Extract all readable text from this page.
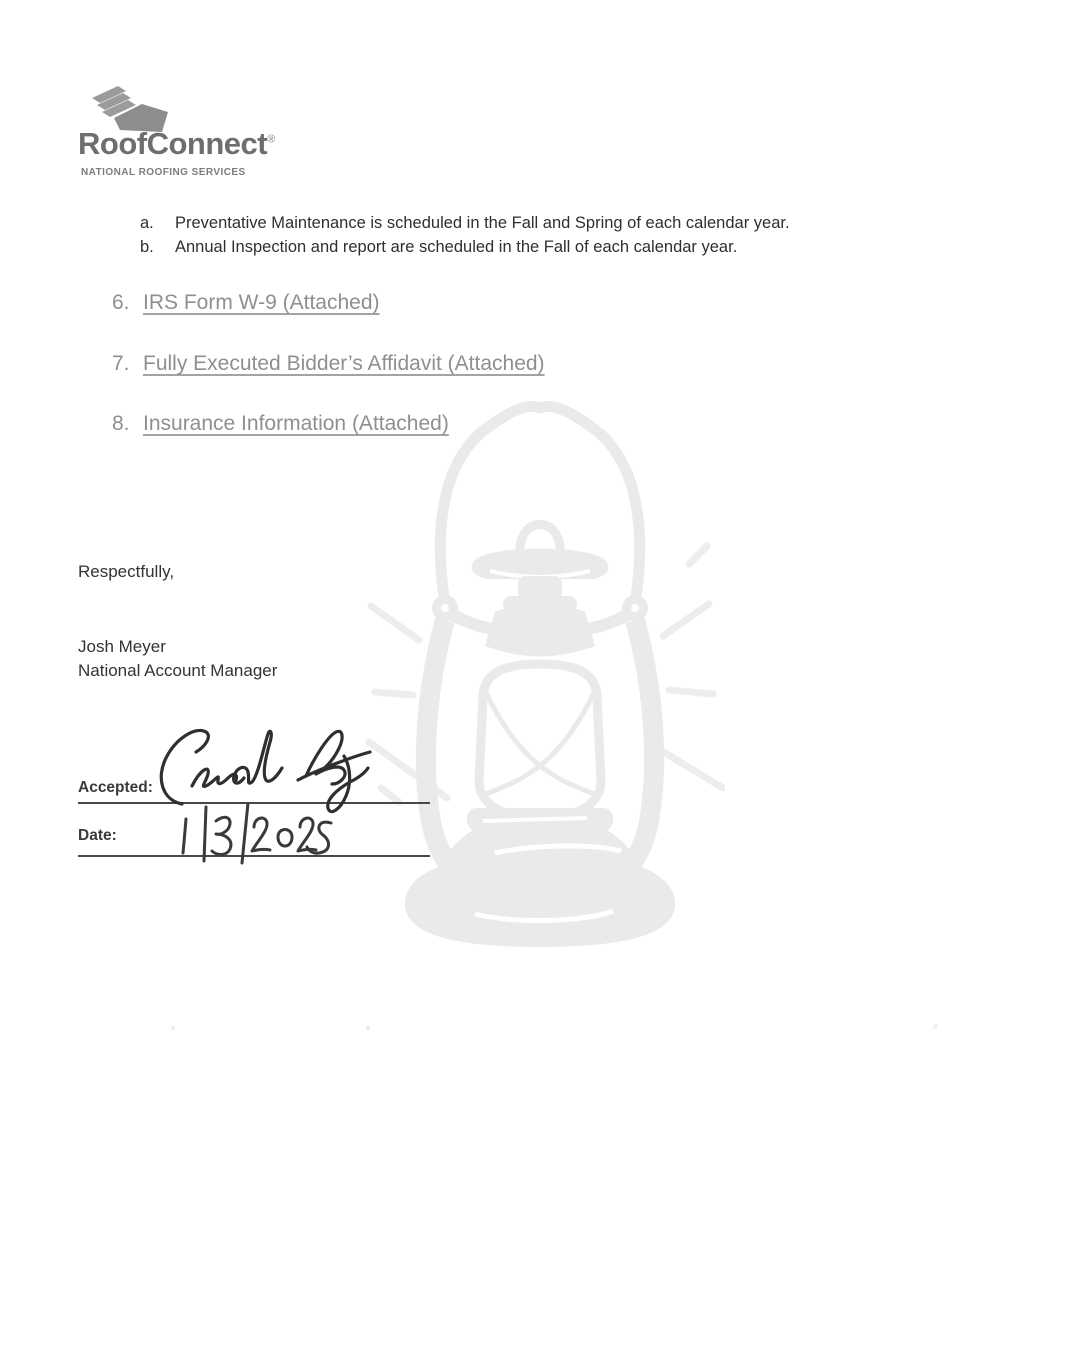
RoofConnect®
NATIONAL ROOFING SERVICES
a.	Preventative Maintenance is scheduled in the Fall and Spring of each calendar year.
b.	Annual Inspection and report are scheduled in the Fall of each calendar year.
6. IRS Form W-9 (Attached)
7. Fully Executed Bidder’s Affidavit (Attached)
8. Insurance Information (Attached)
Respectfully,
Josh Meyer
National Account Manager
Accepted:
Date:
